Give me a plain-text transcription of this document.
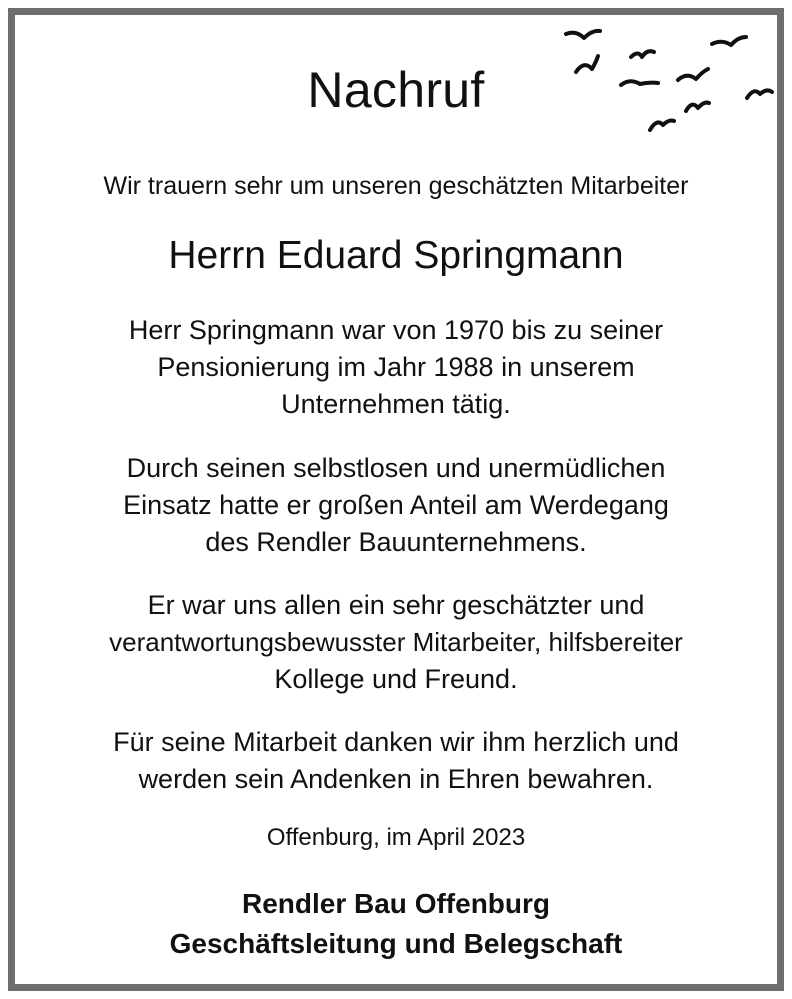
Nachruf
Wir trauern sehr um unseren geschätzten Mitarbeiter
Herrn Eduard Springmann
Herr Springmann war von 1970 bis zu seiner
Pensionierung im Jahr 1988 in unserem
Unternehmen tätig.
Durch seinen selbstlosen und unermüdlichen
Einsatz hatte er großen Anteil am Werdegang
des Rendler Bauunternehmens.
Er war uns allen ein sehr geschätzter und
verantwortungsbewusster Mitarbeiter, hilfsbereiter
Kollege und Freund.
Für seine Mitarbeit danken wir ihm herzlich und
werden sein Andenken in Ehren bewahren.
Offenburg, im April 2023
Rendler Bau Offenburg
Geschäftsleitung und Belegschaft
